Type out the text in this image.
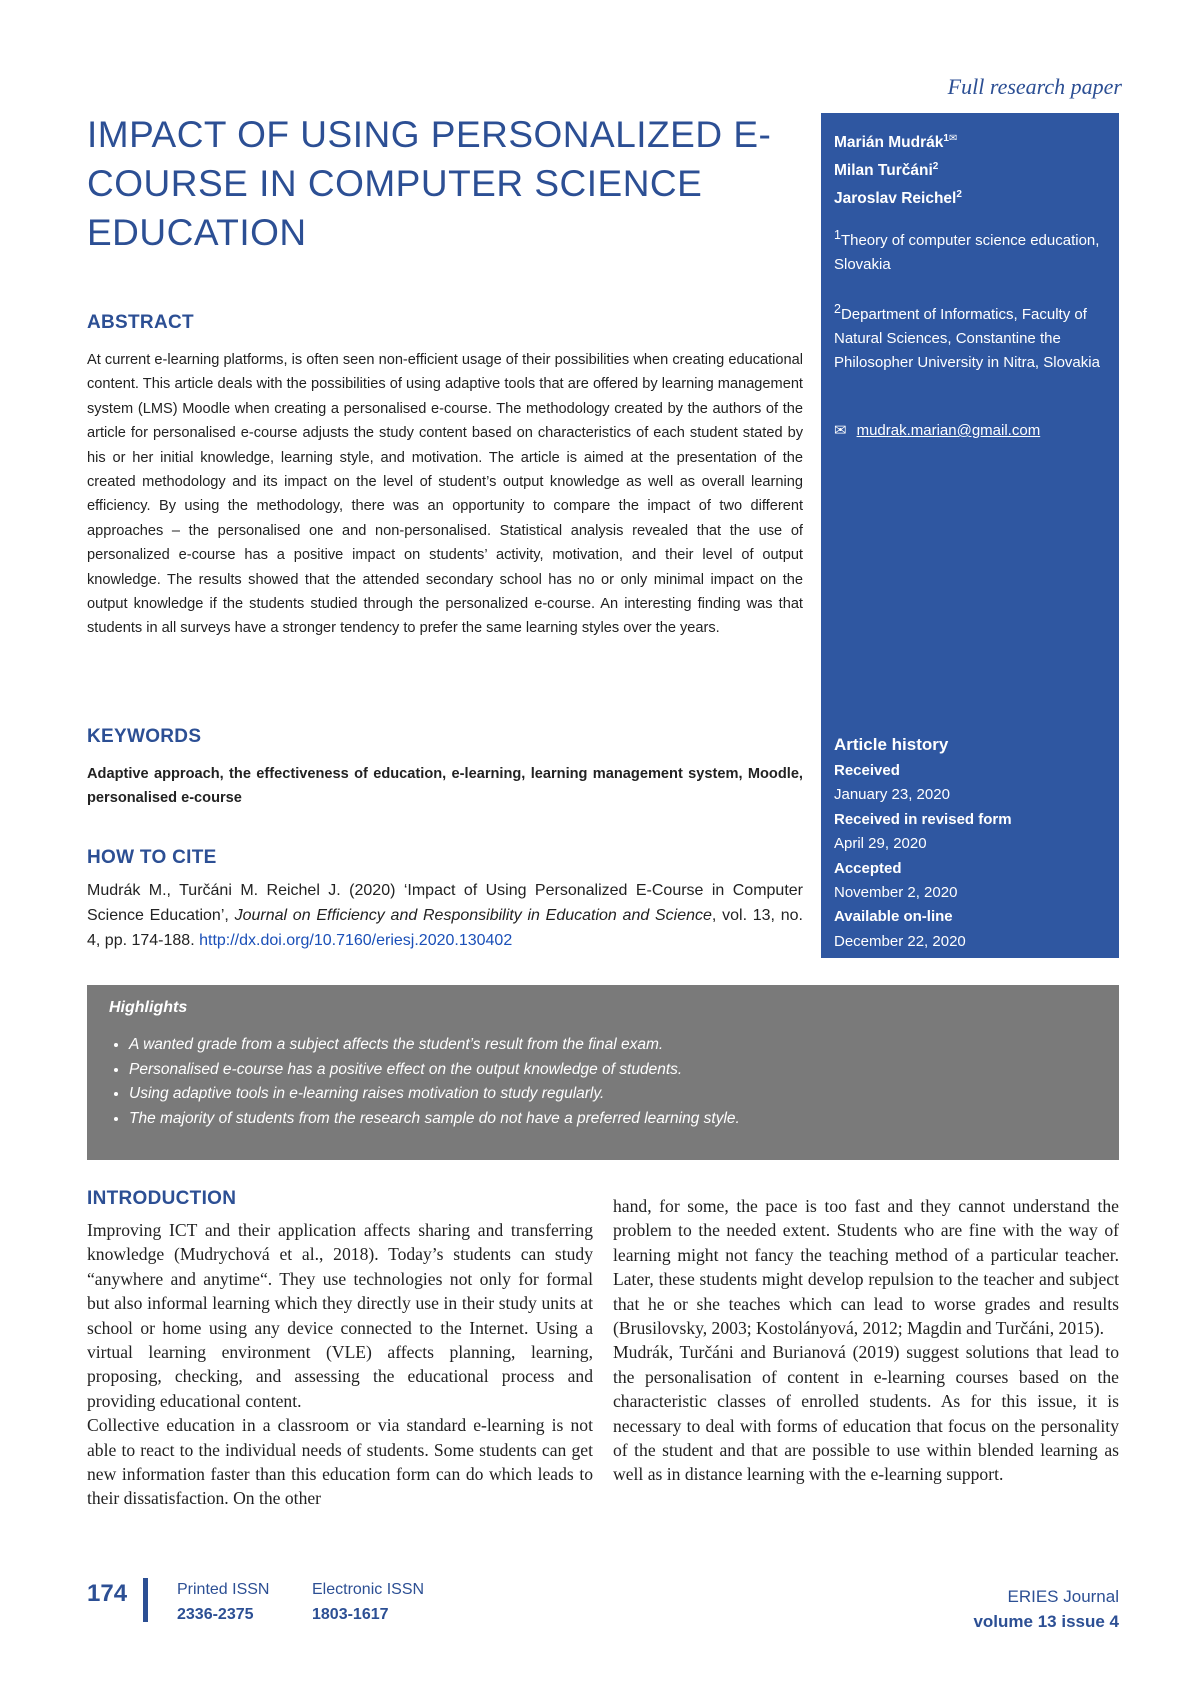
Full research paper
IMPACT OF USING PERSONALIZED E-COURSE IN COMPUTER SCIENCE EDUCATION
ABSTRACT

At current e-learning platforms, is often seen non-efficient usage of their possibilities when creating educational content. This article deals with the possibilities of using adaptive tools that are offered by learning management system (LMS) Moodle when creating a personalised e-course. The methodology created by the authors of the article for personalised e-course adjusts the study content based on characteristics of each student stated by his or her initial knowledge, learning style, and motivation. The article is aimed at the presentation of the created methodology and its impact on the level of student’s output knowledge as well as overall learning efficiency. By using the methodology, there was an opportunity to compare the impact of two different approaches – the personalised one and non-personalised. Statistical analysis revealed that the use of personalized e-course has a positive impact on students’ activity, motivation, and their level of output knowledge. The results showed that the attended secondary school has no or only minimal impact on the output knowledge if the students studied through the personalized e-course. An interesting finding was that students in all surveys have a stronger tendency to prefer the same learning styles over the years.

KEYWORDS

Adaptive approach, the effectiveness of education, e-learning, learning management system, Moodle, personalised e-course

HOW TO CITE

Mudrák M., Turčáni M. Reichel J. (2020) ‘Impact of Using Personalized E-Course in Computer Science Education’, Journal on Efficiency and Responsibility in Education and Science, vol. 13, no. 4, pp. 174-188. http://dx.doi.org/10.7160/eriesj.2020.130402

Marián Mudrák$^{1✉}$
Milan Turčáni$^2$
Jaroslav Reichel$^2$
$^1$Theory of computer science education, Slovakia
$^2$Department of Informatics, Faculty of Natural Sciences, Constantine the Philosopher University in Nitra, Slovakia
✉ mudrak.marian@gmail.com
Article history
Received
January 23, 2020
Received in revised form
April 29, 2020
Accepted
November 2, 2020
Available on-line
December 22, 2020
Highlights
• A wanted grade from a subject affects the student’s result from the final exam.
• Personalised e-course has a positive effect on the output knowledge of students.
• Using adaptive tools in e-learning raises motivation to study regularly.
• The majority of students from the research sample do not have a preferred learning style.
INTRODUCTION

Improving ICT and their application affects sharing and transferring knowledge (Mudrychová et al., 2018). Today’s students can study “anywhere and anytime“. They use technologies not only for formal but also informal learning which they directly use in their study units at school or home using any device connected to the Internet. Using a virtual learning environment (VLE) affects planning, learning, proposing, checking, and assessing the educational process and providing educational content.

Collective education in a classroom or via standard e-learning is not able to react to the individual needs of students. Some students can get new information faster than this education form can do which leads to their dissatisfaction. On the other

hand, for some, the pace is too fast and they cannot understand the problem to the needed extent. Students who are fine with the way of learning might not fancy the teaching method of a particular teacher. Later, these students might develop repulsion to the teacher and subject that he or she teaches which can lead to worse grades and results (Brusilovsky, 2003; Kostolányová, 2012; Magdin and Turčáni, 2015).

Mudrák, Turčáni and Burianová (2019) suggest solutions that lead to the personalisation of content in e-learning courses based on the characteristic classes of enrolled students. As for this issue, it is necessary to deal with forms of education that focus on the personality of the student and that are possible to use within blended learning as well as in distance learning with the e-learning support.

174	Printed ISSN
2336-2375
Electronic ISSN
1803-1617
ERIES Journal
volume 13 issue 4
